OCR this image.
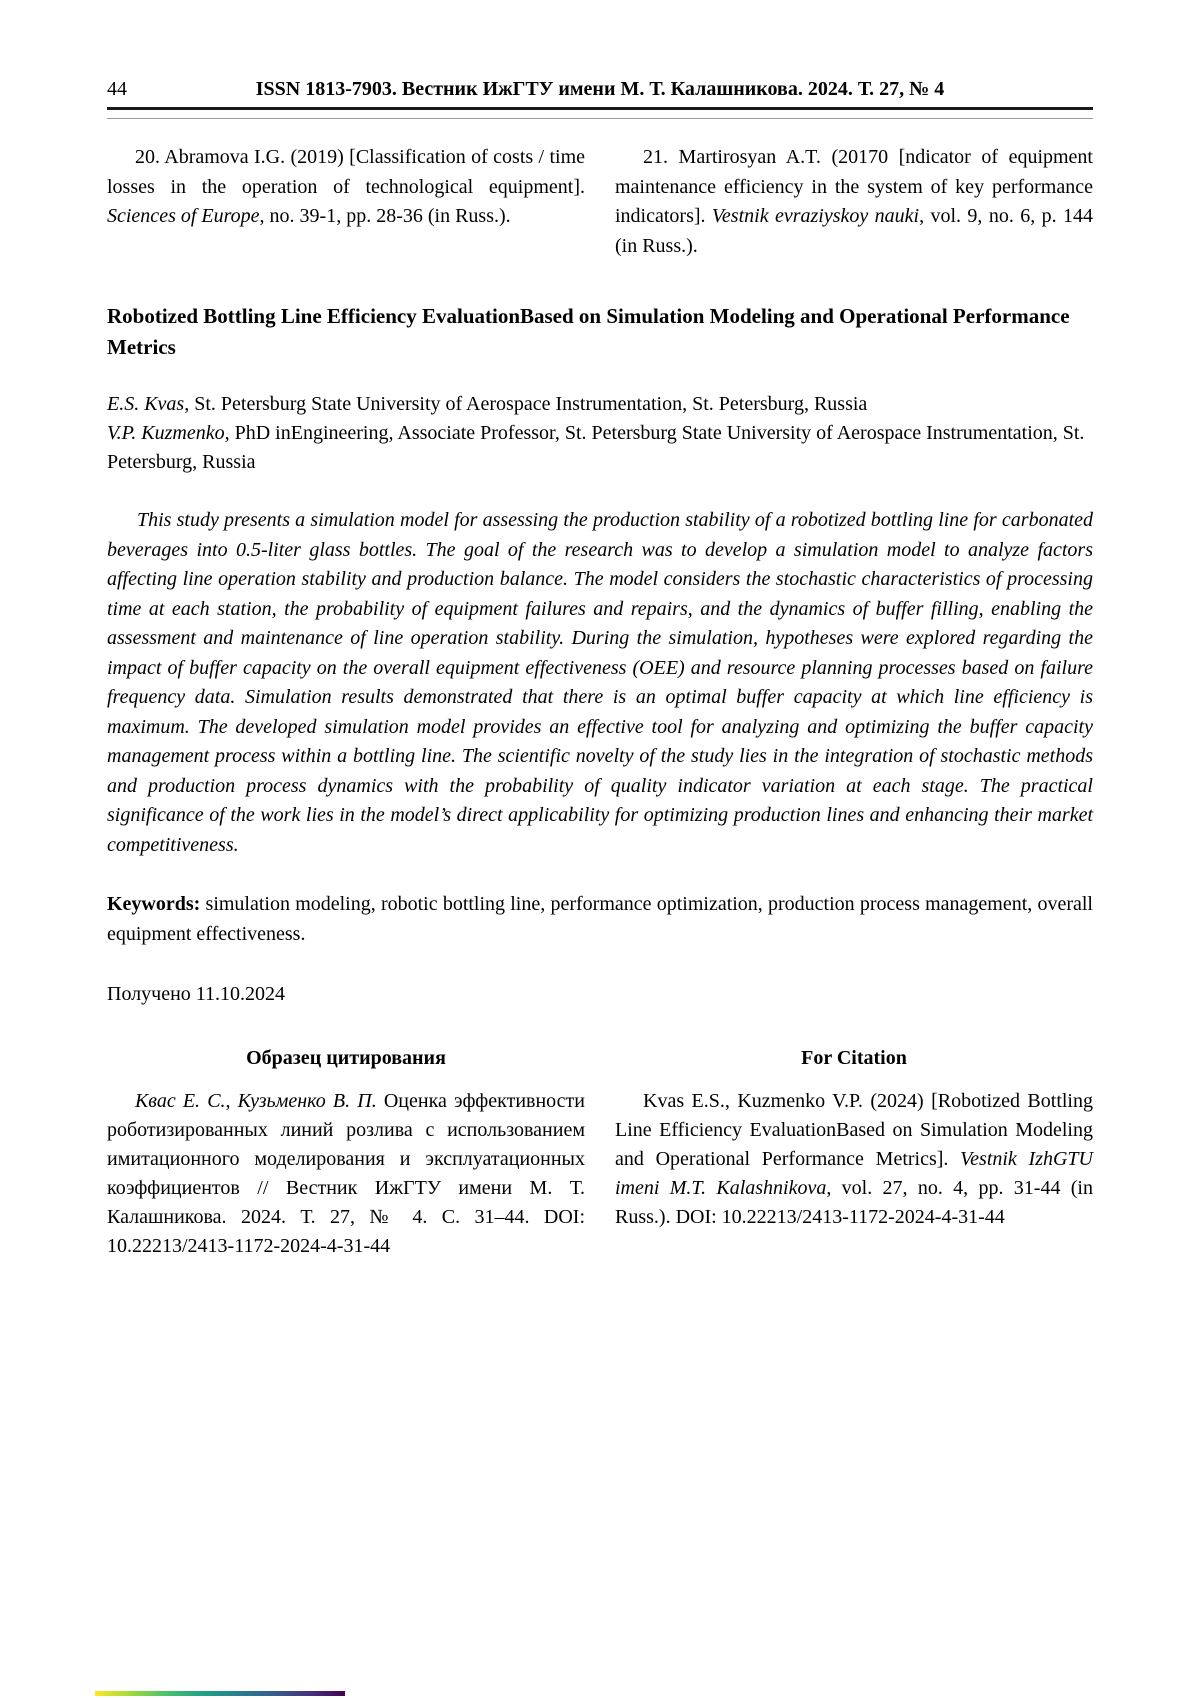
44	ISSN 1813-7903. Вестник ИжГТУ имени М. Т. Калашникова. 2024. Т. 27, № 4

20. Abramova I.G. (2019) [Classification of costs / time losses in the operation of technological equipment]. Sciences of Europe, no. 39-1, pp. 28-36 (in Russ.).

21. Martirosyan A.T. (20170 [ndicator of equipment maintenance efficiency in the system of key performance indicators]. Vestnik evraziyskoy nauki, vol. 9, no. 6, p. 144 (in Russ.).

Robotized Bottling Line Efficiency EvaluationBased on Simulation Modeling and Operational Performance Metrics

E.S. Kvas, St. Petersburg State University of Aerospace Instrumentation, St. Petersburg, Russia

V.P. Kuzmenko, PhD inEngineering, Associate Professor, St. Petersburg State University of Aerospace Instrumentation, St. Petersburg, Russia

This study presents a simulation model for assessing the production stability of a robotized bottling line for carbonated beverages into 0.5-liter glass bottles. The goal of the research was to develop a simulation model to analyze factors affecting line operation stability and production balance. The model considers the stochastic characteristics of processing time at each station, the probability of equipment failures and repairs, and the dynamics of buffer filling, enabling the assessment and maintenance of line operation stability. During the simulation, hypotheses were explored regarding the impact of buffer capacity on the overall equipment effectiveness (OEE) and resource planning processes based on failure frequency data. Simulation results demonstrated that there is an optimal buffer capacity at which line efficiency is maximum. The developed simulation model provides an effective tool for analyzing and optimizing the buffer capacity management process within a bottling line. The scientific novelty of the study lies in the integration of stochastic methods and production process dynamics with the probability of quality indicator variation at each stage. The practical significance of the work lies in the model’s direct applicability for optimizing production lines and enhancing their market competitiveness.

Keywords: simulation modeling, robotic bottling line, performance optimization, production process management, overall equipment effectiveness.

Получено 11.10.2024

Образец цитирования

Квас Е. С., Кузьменко В. П. Оценка эффективности роботизированных линий розлива с использованием имитационного моделирования и эксплуатационных коэффициентов // Вестник ИжГТУ имени М. Т. Калашникова. 2024. Т. 27, № 4. С. 31–44. DOI: 10.22213/2413-1172-2024-4-31-44

For Citation

Kvas E.S., Kuzmenko V.P. (2024) [Robotized Bottling Line Efficiency EvaluationBased on Simulation Modeling and Operational Performance Metrics]. Vestnik IzhGTU imeni M.T. Kalashnikova, vol. 27, no. 4, pp. 31-44 (in Russ.). DOI: 10.22213/2413-1172-2024-4-31-44
